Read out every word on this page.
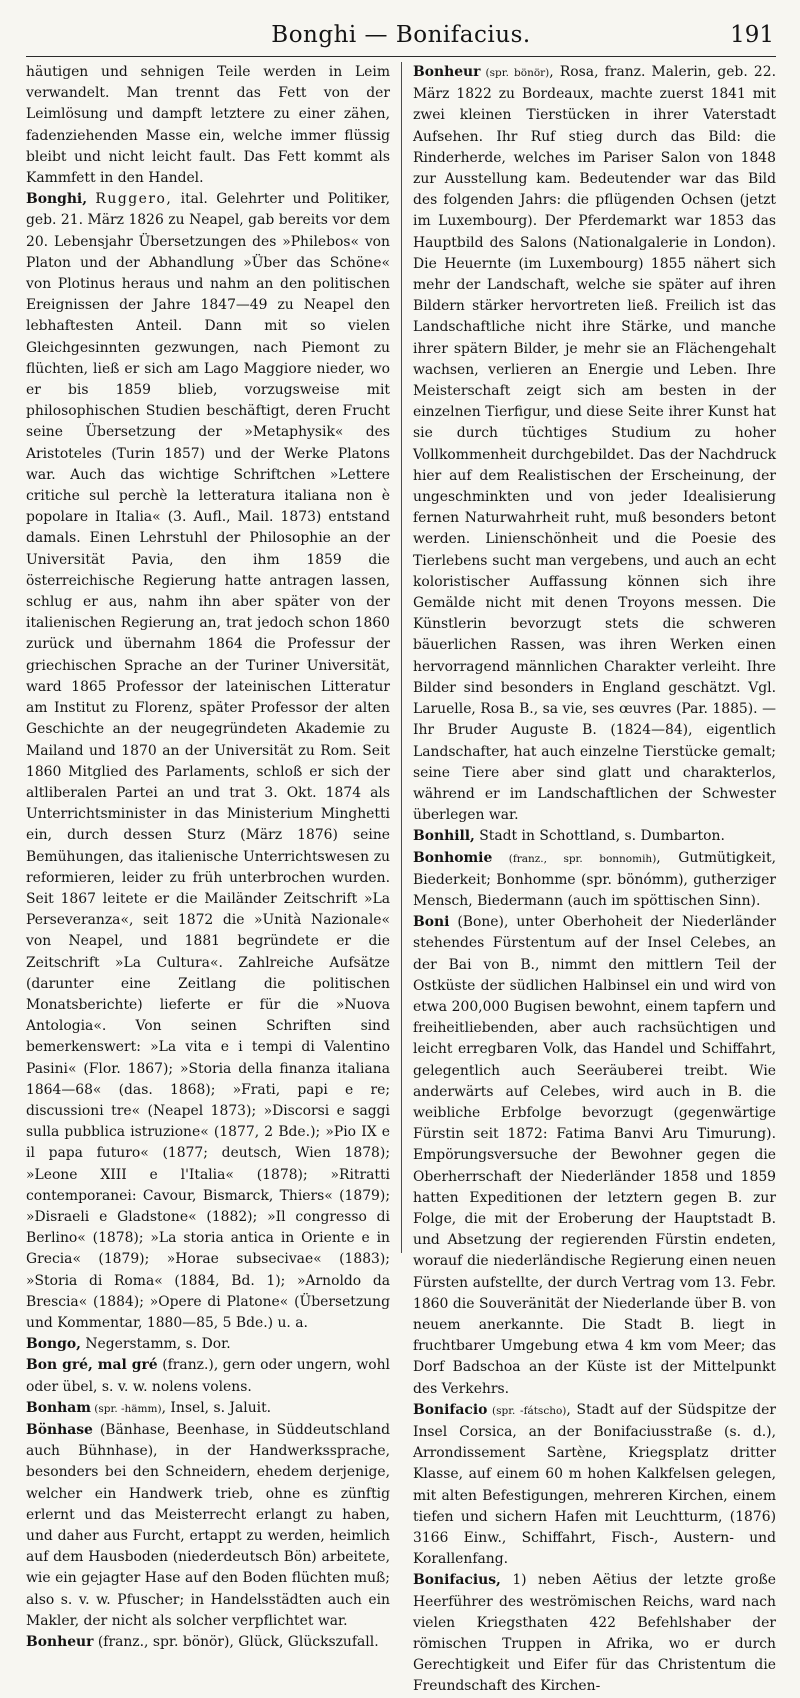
Bonghi — Bonifacius.	191

häutigen und sehnigen Teile werden in Leim verwandelt. Man trennt das Fett von der Leimlösung und dampft letztere zu einer zähen, fadenziehenden Masse ein, welche immer flüssig bleibt und nicht leicht fault. Das Fett kommt als Kammfett in den Handel.

Bonghi, Ruggero, ital. Gelehrter und Politiker, geb. 21. März 1826 zu Neapel, gab bereits vor dem 20. Lebensjahr Übersetzungen des »Philebos« von Platon und der Abhandlung »Über das Schöne« von Plotinus heraus und nahm an den politischen Ereignissen der Jahre 1847—49 zu Neapel den lebhaftesten Anteil. Dann mit so vielen Gleichgesinnten gezwungen, nach Piemont zu flüchten, ließ er sich am Lago Maggiore nieder, wo er bis 1859 blieb, vorzugsweise mit philosophischen Studien beschäftigt, deren Frucht seine Übersetzung der »Metaphysik« des Aristoteles (Turin 1857) und der Werke Platons war. Auch das wichtige Schriftchen »Lettere critiche sul perchè la letteratura italiana non è popolare in Italia« (3. Aufl., Mail. 1873) entstand damals. Einen Lehrstuhl der Philosophie an der Universität Pavia, den ihm 1859 die österreichische Regierung hatte antragen lassen, schlug er aus, nahm ihn aber später von der italienischen Regierung an, trat jedoch schon 1860 zurück und übernahm 1864 die Professur der griechischen Sprache an der Turiner Universität, ward 1865 Professor der lateinischen Litteratur am Institut zu Florenz, später Professor der alten Geschichte an der neugegründeten Akademie zu Mailand und 1870 an der Universität zu Rom. Seit 1860 Mitglied des Parlaments, schloß er sich der altliberalen Partei an und trat 3. Okt. 1874 als Unterrichtsminister in das Ministerium Minghetti ein, durch dessen Sturz (März 1876) seine Bemühungen, das italienische Unterrichtswesen zu reformieren, leider zu früh unterbrochen wurden. Seit 1867 leitete er die Mailänder Zeitschrift »La Perseveranza«, seit 1872 die »Unità Nazionale« von Neapel, und 1881 begründete er die Zeitschrift »La Cultura«. Zahlreiche Aufsätze (darunter eine Zeitlang die politischen Monatsberichte) lieferte er für die »Nuova Antologia«. Von seinen Schriften sind bemerkenswert: »La vita e i tempi di Valentino Pasini« (Flor. 1867); »Storia della finanza italiana 1864—68« (das. 1868); »Frati, papi e re; discussioni tre« (Neapel 1873); »Discorsi e saggi sulla pubblica istruzione« (1877, 2 Bde.); »Pio IX e il papa futuro« (1877; deutsch, Wien 1878); »Leone XIII e l'Italia« (1878); »Ritratti contemporanei: Cavour, Bismarck, Thiers« (1879); »Disraeli e Gladstone« (1882); »Il congresso di Berlino« (1878); »La storia antica in Oriente e in Grecia« (1879); »Horae subsecivae« (1883); »Storia di Roma« (1884, Bd. 1); »Arnoldo da Brescia« (1884); »Opere di Platone« (Übersetzung und Kommentar, 1880—85, 5 Bde.) u. a.

Bongo, Negerstamm, s. Dor.

Bon gré, mal gré (franz.), gern oder ungern, wohl oder übel, s. v. w. nolens volens.

Bonham (spr. -hämm), Insel, s. Jaluit.

Bönhase (Bänhase, Beenhase, in Süddeutschland auch Bühnhase), in der Handwerkssprache, besonders bei den Schneidern, ehedem derjenige, welcher ein Handwerk trieb, ohne es zünftig erlernt und das Meisterrecht erlangt zu haben, und daher aus Furcht, ertappt zu werden, heimlich auf dem Hausboden (niederdeutsch Bön) arbeitete, wie ein gejagter Hase auf den Boden flüchten muß; also s. v. w. Pfuscher; in Handelsstädten auch ein Makler, der nicht als solcher verpflichtet war.

Bonheur (franz., spr. bönör), Glück, Glückszufall.

Bonheur (spr. bönör), Rosa, franz. Malerin, geb. 22. März 1822 zu Bordeaux, machte zuerst 1841 mit zwei kleinen Tierstücken in ihrer Vaterstadt Aufsehen. Ihr Ruf stieg durch das Bild: die Rinderherde, welches im Pariser Salon von 1848 zur Ausstellung kam. Bedeutender war das Bild des folgenden Jahrs: die pflügenden Ochsen (jetzt im Luxembourg). Der Pferdemarkt war 1853 das Hauptbild des Salons (Nationalgalerie in London). Die Heuernte (im Luxembourg) 1855 nähert sich mehr der Landschaft, welche sie später auf ihren Bildern stärker hervortreten ließ. Freilich ist das Landschaftliche nicht ihre Stärke, und manche ihrer spätern Bilder, je mehr sie an Flächengehalt wachsen, verlieren an Energie und Leben. Ihre Meisterschaft zeigt sich am besten in der einzelnen Tierfigur, und diese Seite ihrer Kunst hat sie durch tüchtiges Studium zu hoher Vollkommenheit durchgebildet. Das der Nachdruck hier auf dem Realistischen der Erscheinung, der ungeschminkten und von jeder Idealisierung fernen Naturwahrheit ruht, muß besonders betont werden. Linienschönheit und die Poesie des Tierlebens sucht man vergebens, und auch an echt koloristischer Auffassung können sich ihre Gemälde nicht mit denen Troyons messen. Die Künstlerin bevorzugt stets die schweren bäuerlichen Rassen, was ihren Werken einen hervorragend männlichen Charakter verleiht. Ihre Bilder sind besonders in England geschätzt. Vgl. Laruelle, Rosa B., sa vie, ses œuvres (Par. 1885). — Ihr Bruder Auguste B. (1824—84), eigentlich Landschafter, hat auch einzelne Tierstücke gemalt; seine Tiere aber sind glatt und charakterlos, während er im Landschaftlichen der Schwester überlegen war.

Bonhill, Stadt in Schottland, s. Dumbarton.

Bonhomie (franz., spr. bonnomih), Gutmütigkeit, Biederkeit; Bonhomme (spr. bönómm), gutherziger Mensch, Biedermann (auch im spöttischen Sinn).

Boni (Bone), unter Oberhoheit der Niederländer stehendes Fürstentum auf der Insel Celebes, an der Bai von B., nimmt den mittlern Teil der Ostküste der südlichen Halbinsel ein und wird von etwa 200,000 Bugisen bewohnt, einem tapfern und freiheitliebenden, aber auch rachsüchtigen und leicht erregbaren Volk, das Handel und Schiffahrt, gelegentlich auch Seeräuberei treibt. Wie anderwärts auf Celebes, wird auch in B. die weibliche Erbfolge bevorzugt (gegenwärtige Fürstin seit 1872: Fatima Banvi Aru Timurung). Empörungsversuche der Bewohner gegen die Oberherrschaft der Niederländer 1858 und 1859 hatten Expeditionen der letztern gegen B. zur Folge, die mit der Eroberung der Hauptstadt B. und Absetzung der regierenden Fürstin endeten, worauf die niederländische Regierung einen neuen Fürsten aufstellte, der durch Vertrag vom 13. Febr. 1860 die Souveränität der Niederlande über B. von neuem anerkannte. Die Stadt B. liegt in fruchtbarer Umgebung etwa 4 km vom Meer; das Dorf Badschoa an der Küste ist der Mittelpunkt des Verkehrs.

Bonifacio (spr. -fátscho), Stadt auf der Südspitze der Insel Corsica, an der Bonifaciusstraße (s. d.), Arrondissement Sartène, Kriegsplatz dritter Klasse, auf einem 60 m hohen Kalkfelsen gelegen, mit alten Befestigungen, mehreren Kirchen, einem tiefen und sichern Hafen mit Leuchtturm, (1876) 3166 Einw., Schiffahrt, Fisch-, Austern- und Korallenfang.

Bonifacius, 1) neben Aëtius der letzte große Heerführer des weströmischen Reichs, ward nach vielen Kriegsthaten 422 Befehlshaber der römischen Truppen in Afrika, wo er durch Gerechtigkeit und Eifer für das Christentum die Freundschaft des Kirchen-
